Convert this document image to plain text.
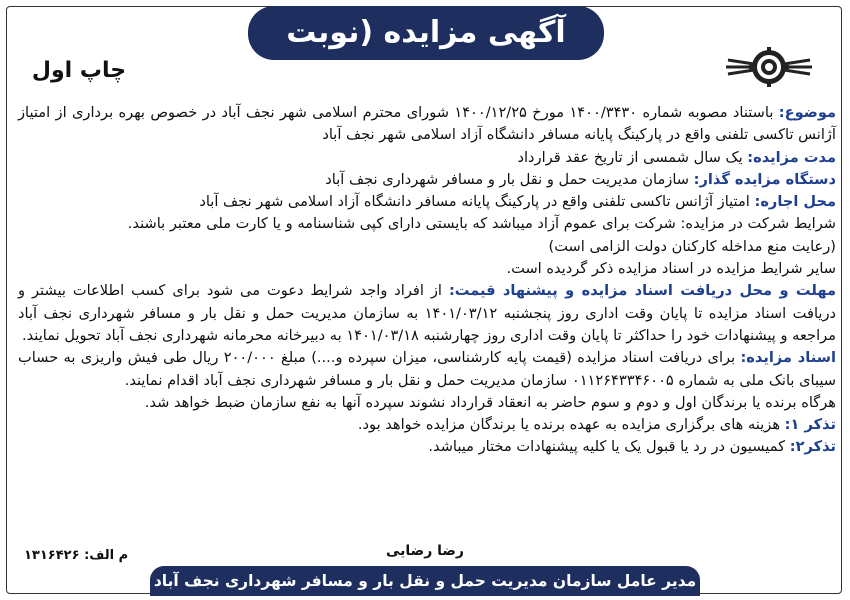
آگهی مزایده (نوبت دوم)
چاپ اول

موضوع: باستناد مصوبه شماره ۱۴۰۰/۳۴۳۰ مورخ ۱۴۰۰/۱۲/۲۵ شورای محترم اسلامی شهر نجف آباد در خصوص بهره برداری از امتیاز آژانس تاکسی تلفنی واقع در پارکینگ پایانه مسافر دانشگاه آزاد اسلامی شهر نجف آباد

مدت مزایده: یک سال شمسی از تاریخ عقد قرارداد

دستگاه مزایده گذار: سازمان مدیریت حمل و نقل بار و مسافر شهرداری نجف آباد

محل اجاره: امتیاز آژانس تاکسی تلفنی واقع در پارکینگ پایانه مسافر دانشگاه آزاد اسلامی شهر نجف آباد

شرایط شرکت در مزایده: شرکت برای عموم آزاد میباشد که بایستی دارای کپی شناسنامه و یا کارت ملی معتبر باشند.

(رعایت منع مداخله کارکنان دولت الزامی است)

سایر شرایط مزایده در اسناد مزایده ذکر گردیده است.

مهلت و محل دریافت اسناد مزایده و پیشنهاد قیمت: از افراد واجد شرایط دعوت می شود برای کسب اطلاعات بیشتر و دریافت اسناد مزایده تا پایان وقت اداری روز پنجشنبه ۱۴۰۱/۰۳/۱۲ به سازمان مدیریت حمل و نقل بار و مسافر شهرداری نجف آباد مراجعه و پیشنهادات خود را حداکثر تا پایان وقت اداری روز چهارشنبه ۱۴۰۱/۰۳/۱۸ به دبیرخانه محرمانه شهرداری نجف آباد تحویل نمایند.

اسناد مزایده: برای دریافت اسناد مزایده (قیمت پایه کارشناسی، میزان سپرده و....) مبلغ ۲۰۰/۰۰۰ ریال طی فیش واریزی به حساب سیبای بانک ملی به شماره ۰۱۱۲۶۴۳۳۴۶۰۰۵ سازمان مدیریت حمل و نقل بار و مسافر شهرداری نجف آباد اقدام نمایند.

هرگاه برنده یا برندگان اول و دوم و سوم حاضر به انعقاد قرارداد نشوند سپرده آنها به نفع سازمان ضبط خواهد شد.

تذکر ۱: هزینه های برگزاری مزایده به عهده برنده یا برندگان مزایده خواهد بود.

تذکر۲: کمیسیون در رد یا قبول یک یا کلیه پیشنهادات مختار میباشد.

م الف: ۱۳۱۶۴۲۶	رضا رضایی
مدیر عامل سازمان مدیریت حمل و نقل بار و مسافر شهرداری نجف آباد
